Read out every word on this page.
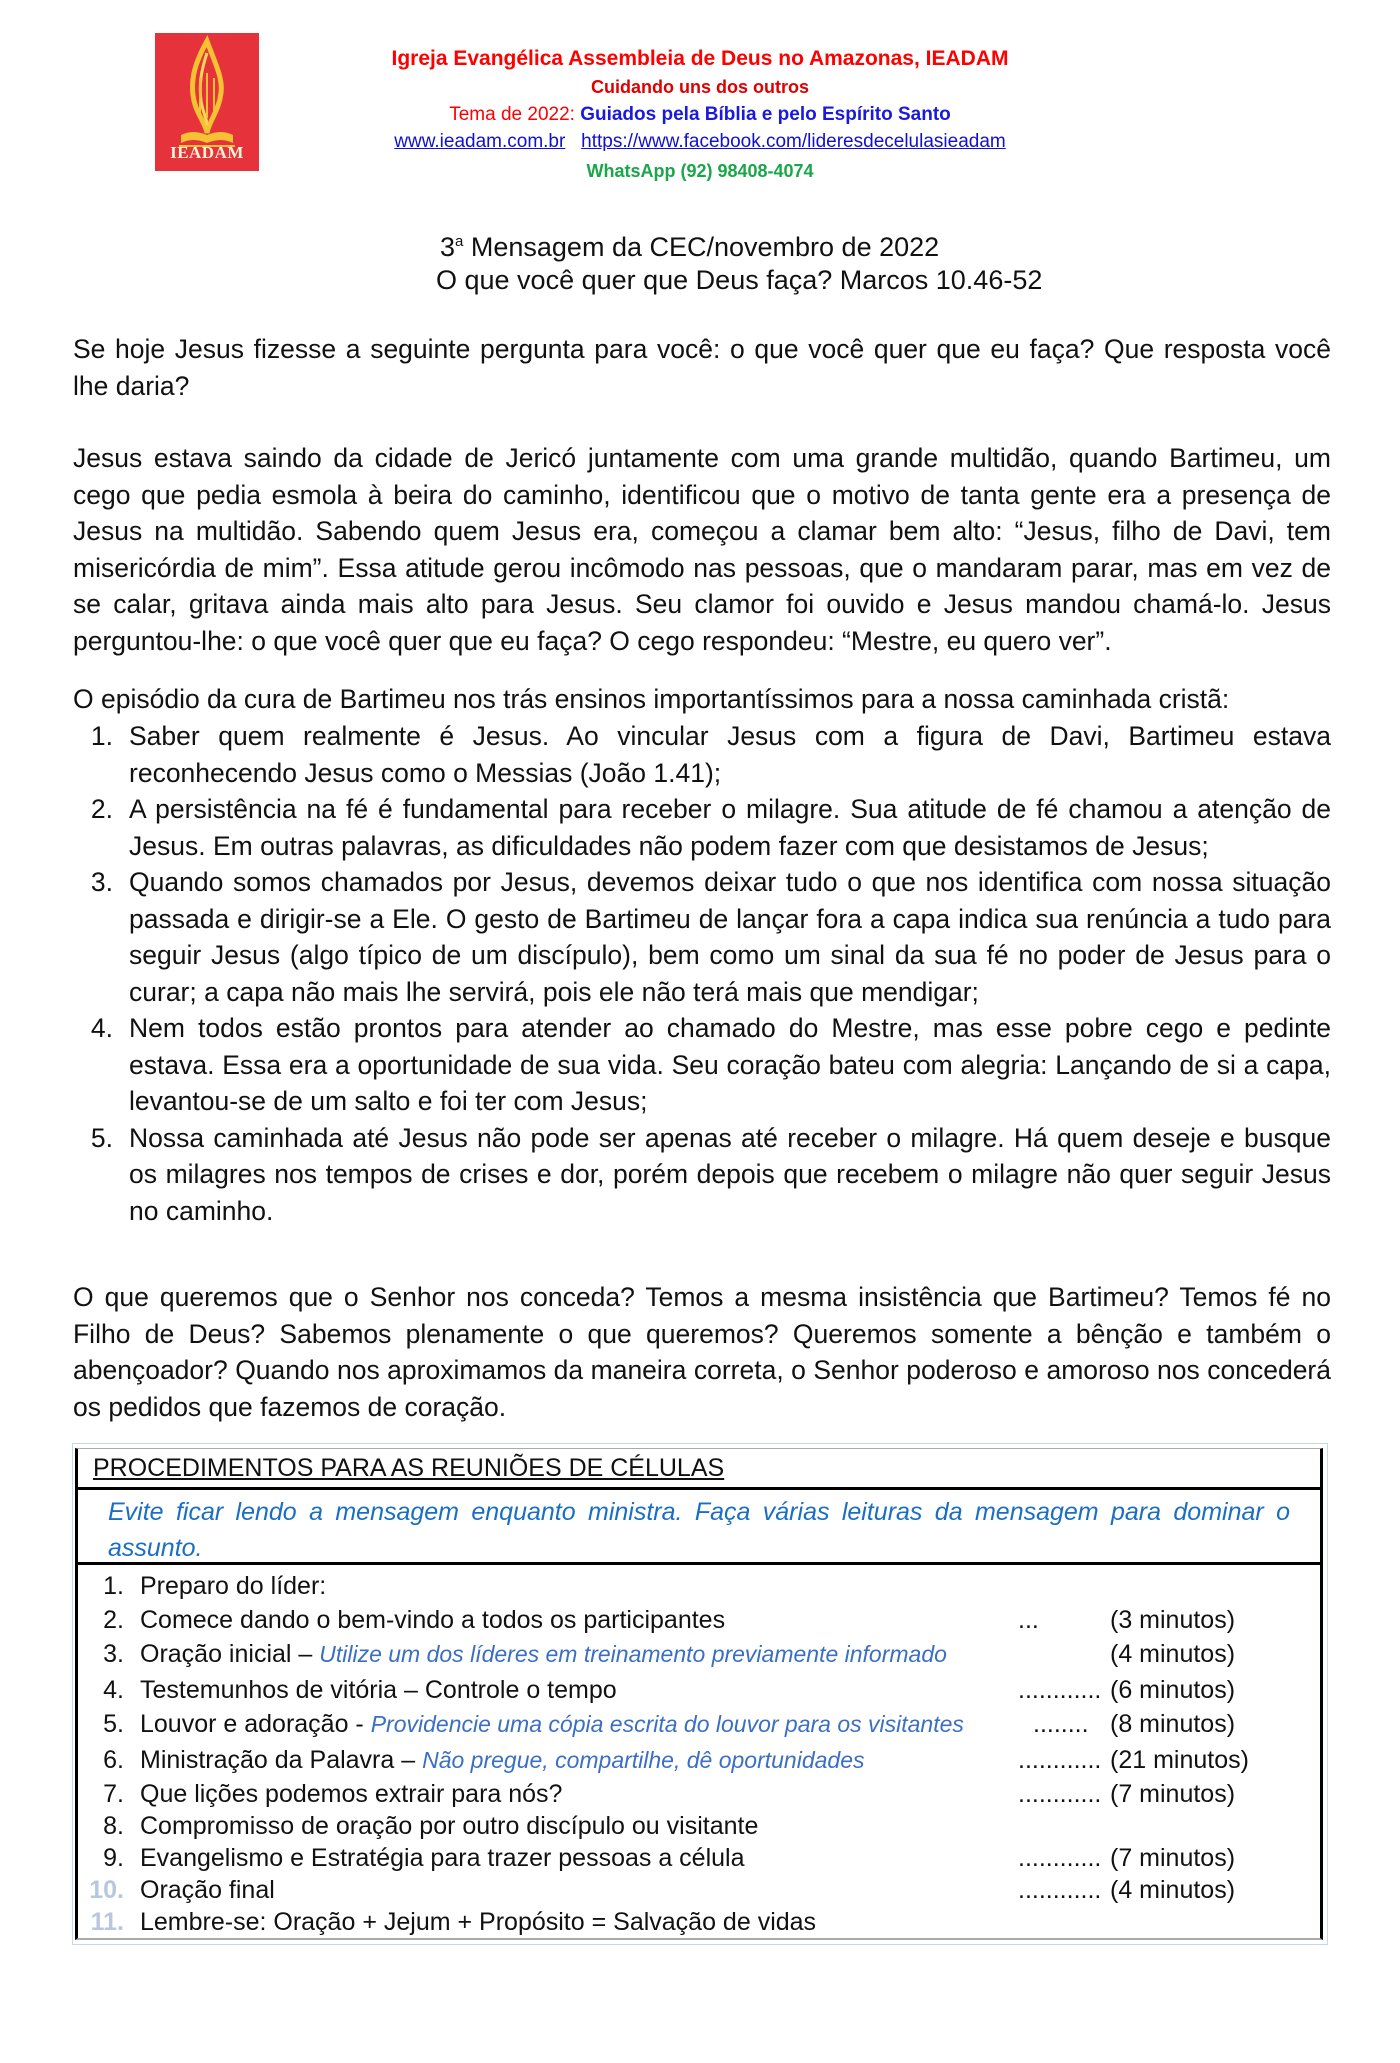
IEADAM
Igreja Evangélica Assembleia de Deus no Amazonas, IEADAM
Cuidando uns dos outros
Tema de 2022: Guiados pela Bíblia e pelo Espírito Santo
www.ieadam.com.br https://www.facebook.com/lideresdecelulasieadam
WhatsApp (92) 98408-4074
3$^a$ Mensagem da CEC/novembro de 2022
O que você quer que Deus faça? Marcos 10.46-52
Se hoje Jesus fizesse a seguinte pergunta para você: o que você quer que eu faça? Que resposta você lhe daria?
Jesus estava saindo da cidade de Jericó juntamente com uma grande multidão, quando Bartimeu, um cego que pedia esmola à beira do caminho, identificou que o motivo de tanta gente era a presença de Jesus na multidão. Sabendo quem Jesus era, começou a clamar bem alto: “Jesus, filho de Davi, tem misericórdia de mim”. Essa atitude gerou incômodo nas pessoas, que o mandaram parar, mas em vez de se calar, gritava ainda mais alto para Jesus. Seu clamor foi ouvido e Jesus mandou chamá-lo. Jesus perguntou-lhe: o que você quer que eu faça? O cego respondeu: “Mestre, eu quero ver”.
O episódio da cura de Bartimeu nos trás ensinos importantíssimos para a nossa caminhada cristã:
1. Saber quem realmente é Jesus. Ao vincular Jesus com a figura de Davi, Bartimeu estava reconhecendo Jesus como o Messias (João 1.41);
2. A persistência na fé é fundamental para receber o milagre. Sua atitude de fé chamou a atenção de Jesus. Em outras palavras, as dificuldades não podem fazer com que desistamos de Jesus;
3. Quando somos chamados por Jesus, devemos deixar tudo o que nos identifica com nossa situação passada e dirigir-se a Ele. O gesto de Bartimeu de lançar fora a capa indica sua renúncia a tudo para seguir Jesus (algo típico de um discípulo), bem como um sinal da sua fé no poder de Jesus para o curar; a capa não mais lhe servirá, pois ele não terá mais que mendigar;
4. Nem todos estão prontos para atender ao chamado do Mestre, mas esse pobre cego e pedinte estava. Essa era a oportunidade de sua vida. Seu coração bateu com alegria: Lançando de si a capa, levantou-se de um salto e foi ter com Jesus;
5. Nossa caminhada até Jesus não pode ser apenas até receber o milagre. Há quem deseje e busque os milagres nos tempos de crises e dor, porém depois que recebem o milagre não quer seguir Jesus no caminho.
O que queremos que o Senhor nos conceda? Temos a mesma insistência que Bartimeu? Temos fé no Filho de Deus? Sabemos plenamente o que queremos? Queremos somente a bênção e também o abençoador? Quando nos aproximamos da maneira correta, o Senhor poderoso e amoroso nos concederá os pedidos que fazemos de coração.
PROCEDIMENTOS PARA AS REUNIÕES DE CÉLULAS
Evite ficar lendo a mensagem enquanto ministra. Faça várias leituras da mensagem para dominar o assunto.
1. Preparo do líder:
2. Comece dando o bem-vindo a todos os participantes	...	(3 minutos)
3. Oração inicial – Utilize um dos líderes em treinamento previamente informado	(4 minutos)
4. Testemunhos de vitória – Controle o tempo	............ (6 minutos)
5. Louvor e adoração - Providencie uma cópia escrita do louvor para os visitantes	........ (8 minutos)
6. Ministração da Palavra – Não pregue, compartilhe, dê oportunidades	............ (21 minutos)
7. Que lições podemos extrair para nós?	............ (7 minutos)
8. Compromisso de oração por outro discípulo ou visitante
9. Evangelismo e Estratégia para trazer pessoas a célula	............ (7 minutos)
10. Oração final	............ (4 minutos)
11. Lembre-se: Oração + Jejum + Propósito = Salvação de vidas
